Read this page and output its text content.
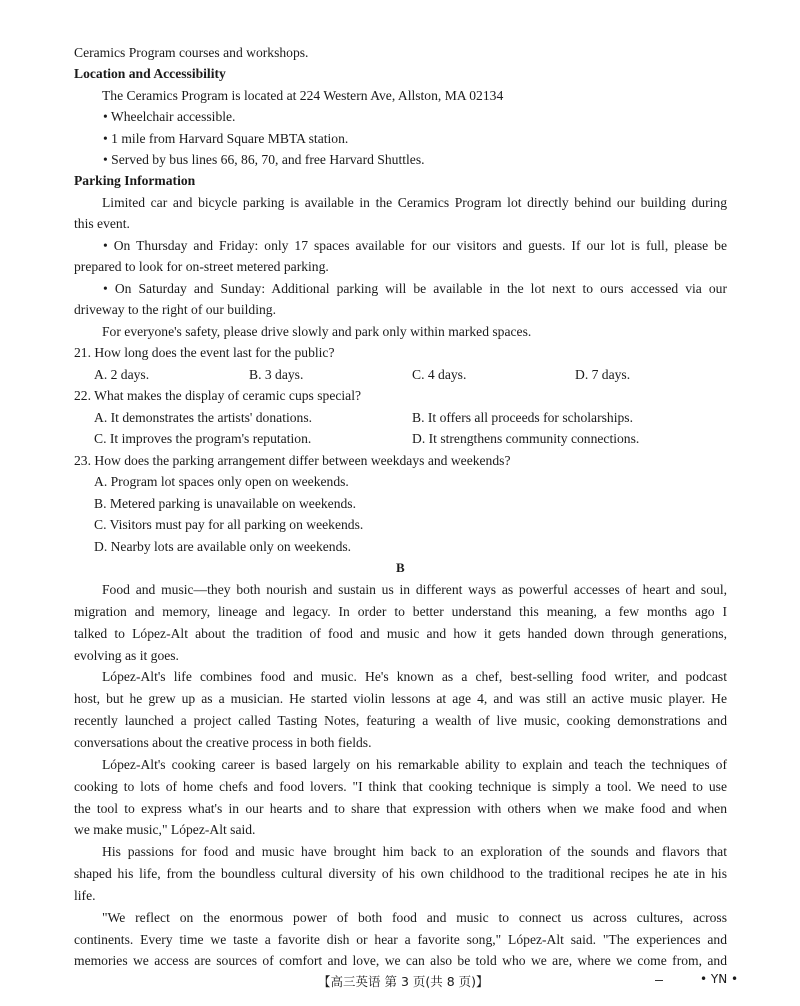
Ceramics Program courses and workshops.
Location and Accessibility
The Ceramics Program is located at 224 Western Ave, Allston, MA 02134
• Wheelchair accessible.
• 1 mile from Harvard Square MBTA station.
• Served by bus lines 66, 86, 70, and free Harvard Shuttles.
Parking Information
Limited car and bicycle parking is available in the Ceramics Program lot directly behind our building during
this event.
• On Thursday and Friday: only 17 spaces available for our visitors and guests. If our lot is full, please be
prepared to look for on-street metered parking.
• On Saturday and Sunday: Additional parking will be available in the lot next to ours accessed via our
driveway to the right of our building.
For everyone's safety, please drive slowly and park only within marked spaces.
21. How long does the event last for the public?
A. 2 days.	B. 3 days.	C. 4 days.	D. 7 days.
22. What makes the display of ceramic cups special?
A. It demonstrates the artists' donations.	B. It offers all proceeds for scholarships.
C. It improves the program's reputation.	D. It strengthens community connections.
23. How does the parking arrangement differ between weekdays and weekends?
A. Program lot spaces only open on weekends.
B. Metered parking is unavailable on weekends.
C. Visitors must pay for all parking on weekends.
D. Nearby lots are available only on weekends.
B
Food and music—they both nourish and sustain us in different ways as powerful accesses of heart and soul,
migration and memory, lineage and legacy. In order to better understand this meaning, a few months ago I
talked to López-Alt about the tradition of food and music and how it gets handed down through generations,
evolving as it goes.
López-Alt's life combines food and music. He's known as a chef, best-selling food writer, and podcast
host, but he grew up as a musician. He started violin lessons at age 4, and was still an active music player. He
recently launched a project called Tasting Notes, featuring a wealth of live music, cooking demonstrations and
conversations about the creative process in both fields.
López-Alt's cooking career is based largely on his remarkable ability to explain and teach the techniques of
cooking to lots of home chefs and food lovers. "I think that cooking technique is simply a tool. We need to use
the tool to express what's in our hearts and to share that expression with others when we make food and when
we make music," López-Alt said.
His passions for food and music have brought him back to an exploration of the sounds and flavors that
shaped his life, from the boundless cultural diversity of his own childhood to the traditional recipes he ate in his
life.
"We reflect on the enormous power of both food and music to connect us across cultures, across
continents. Every time we taste a favorite dish or hear a favorite song," López-Alt said. "The experiences and
memories we access are sources of comfort and love, we can also be told who we are, where we come from, and
【高三英语 第 3 页(共 8 页)】	• YN •
